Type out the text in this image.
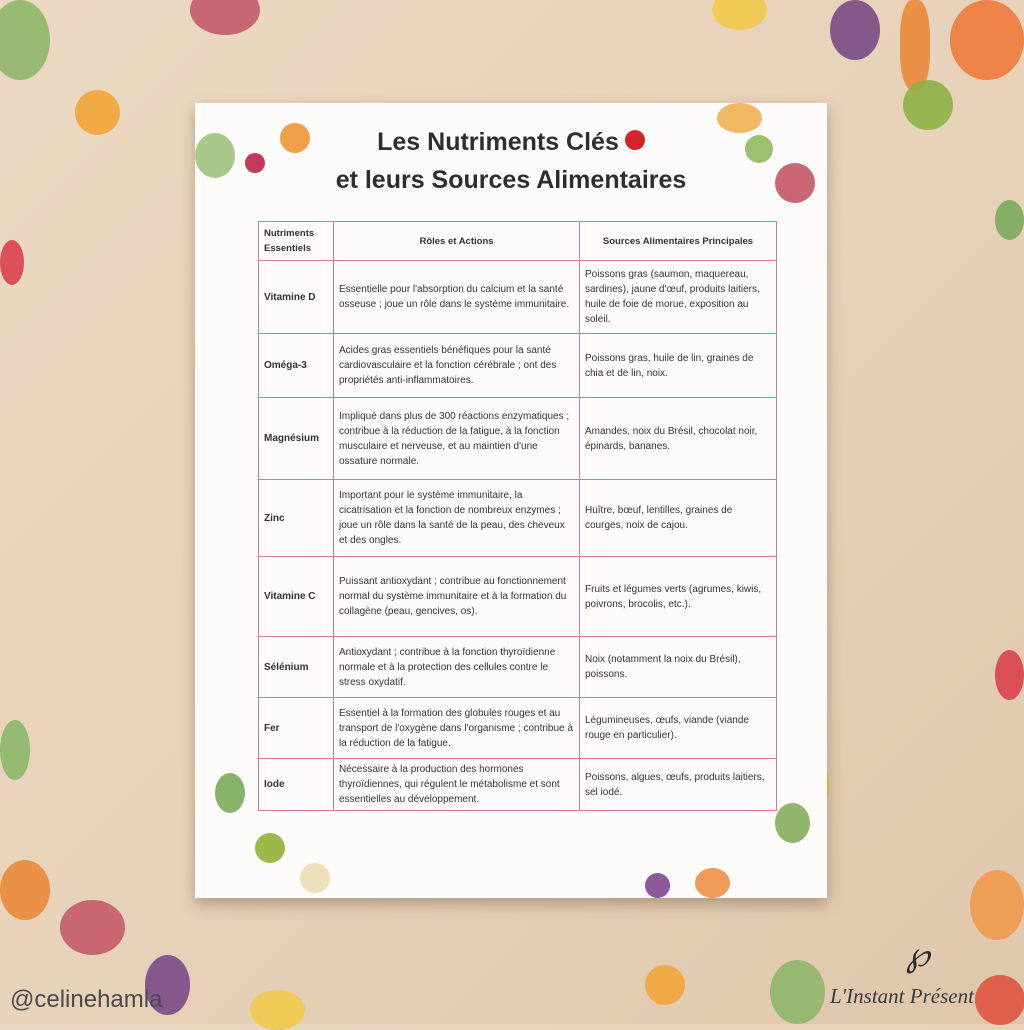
Les Nutriments Clés
et leurs Sources Alimentaires
Nutriments Essentiels	Rôles et Actions	Sources Alimentaires Principales
Vitamine D	Essentielle pour l'absorption du calcium et la santé osseuse ; joue un rôle dans le système immunitaire.	Poissons gras (saumon, maquereau, sardines), jaune d'œuf, produits laitiers, huile de foie de morue, exposition au soleil.
Oméga-3	Acides gras essentiels bénéfiques pour la santé cardiovasculaire et la fonction cérébrale ; ont des propriétés anti-inflammatoires.	Poissons gras, huile de lin, graines de chia et de lin, noix.
Magnésium	Impliqué dans plus de 300 réactions enzymatiques ; contribue à la réduction de la fatigue, à la fonction musculaire et nerveuse, et au maintien d'une ossature normale.	Amandes, noix du Brésil, chocolat noir, épinards, bananes.
Zinc	Important pour le système immunitaire, la cicatrisation et la fonction de nombreux enzymes ; joue un rôle dans la santé de la peau, des cheveux et des ongles.	Huître, bœuf, lentilles, graines de courges, noix de cajou.
Vitamine C	Puissant antioxydant ; contribue au fonctionnement normal du système immunitaire et à la formation du collagène (peau, gencives, os).	Fruits et légumes verts (agrumes, kiwis, poivrons, brocolis, etc.).
Sélénium	Antioxydant ; contribue à la fonction thyroïdienne normale et à la protection des cellules contre le stress oxydatif.	Noix (notamment la noix du Brésil), poissons.
Fer	Essentiel à la formation des globules rouges et au transport de l'oxygène dans l'organisme ; contribue à la réduction de la fatigue.	Légumineuses, œufs, viande (viande rouge en particulier).
Iode	Nécessaire à la production des hormones thyroïdiennes, qui régulent le métabolisme et sont essentielles au développement.	Poissons, algues, œufs, produits laitiers, sel iodé.
@celinehamla
℘
L'Instant Présent
